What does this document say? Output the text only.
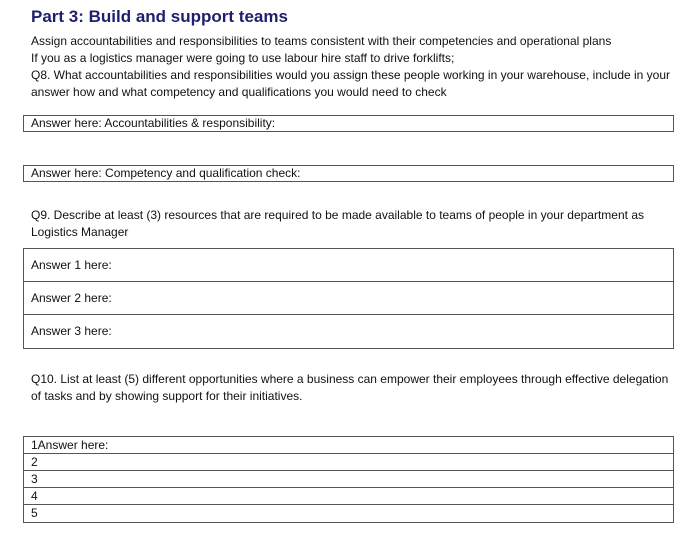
Part 3: Build and support teams
Assign accountabilities and responsibilities to teams consistent with their competencies and operational plans
If you as a logistics manager were going to use labour hire staff to drive forklifts;
Q8. What accountabilities and responsibilities would you assign these people working in your warehouse, include in your
answer how and what competency and qualifications you would need to check
Answer here: Accountabilities & responsibility:
Answer here: Competency and qualification check:
Q9. Describe at least (3) resources that are required to be made available to teams of people in your department as
Logistics Manager
Answer 1 here:
Answer 2 here:
Answer 3 here:
Q10. List at least (5) different opportunities where a business can empower their employees through effective delegation
of tasks and by showing support for their initiatives.
1Answer here:
2
3
4
5
